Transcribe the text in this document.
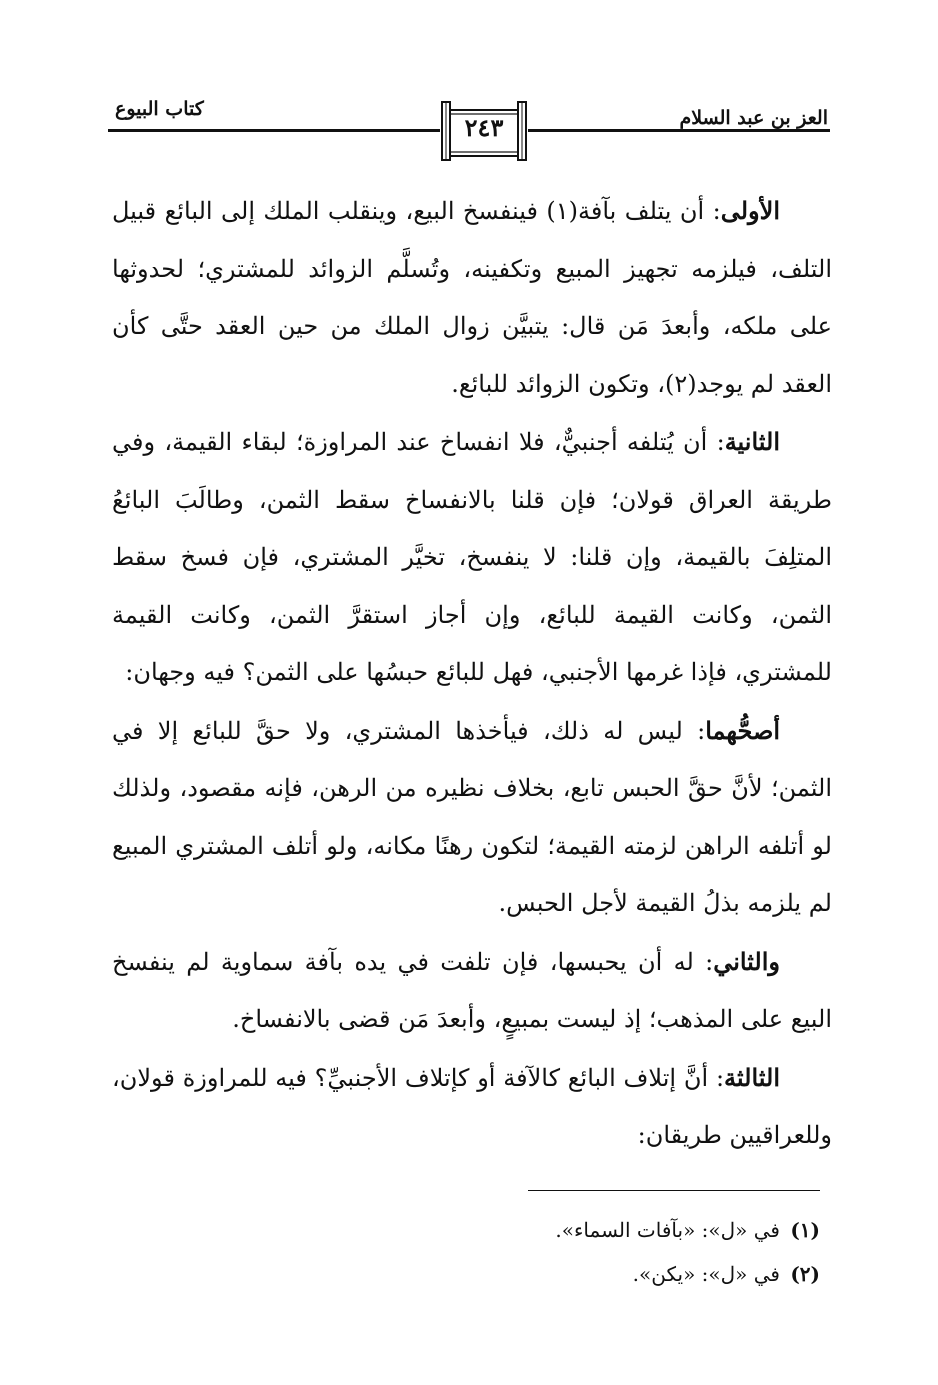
كتاب البيوع	العز بن عبد السلام
٢٤٣

الأولى: أن يتلف بآفة(١) فينفسخ البيع، وينقلب الملك إلى البائع قبيل التلف، فيلزمه تجهيز المبيع وتكفينه، وتُسلَّم الزوائد للمشتري؛ لحدوثها على ملكه، وأبعدَ مَن قال: يتبيَّن زوال الملك من حين العقد حتَّى كأن العقد لم يوجد(٢)، وتكون الزوائد للبائع.

الثانية: أن يُتلفه أجنبيٌّ، فلا انفساخ عند المراوزة؛ لبقاء القيمة، وفي طريقة العراق قولان؛ فإن قلنا بالانفساخ سقط الثمن، وطالَبَ البائعُ المتلِفَ بالقيمة، وإن قلنا: لا ينفسخ، تخيَّر المشتري، فإن فسخ سقط الثمن، وكانت القيمة للبائع، وإن أجاز استقرَّ الثمن، وكانت القيمة للمشتري، فإذا غرمها الأجنبي، فهل للبائع حبسُها على الثمن؟ فيه وجهان:

أصحُّهما: ليس له ذلك، فيأخذها المشتري، ولا حقَّ للبائع إلا في الثمن؛ لأنَّ حقَّ الحبس تابع، بخلاف نظيره من الرهن، فإنه مقصود، ولذلك لو أتلفه الراهن لزمته القيمة؛ لتكون رهنًا مكانه، ولو أتلف المشتري المبيع لم يلزمه بذلُ القيمة لأجل الحبس.

والثاني: له أن يحبسها، فإن تلفت في يده بآفة سماوية لم ينفسخ البيع على المذهب؛ إذ ليست بمبيعٍ، وأبعدَ مَن قضى بالانفساخ.

الثالثة: أنَّ إتلاف البائع كالآفة أو كإتلاف الأجنبيِّ؟ فيه للمراوزة قولان، وللعراقيين طريقان:

(١)في «ل»: «بآفات السماء».

(٢)في «ل»: «يكن».
